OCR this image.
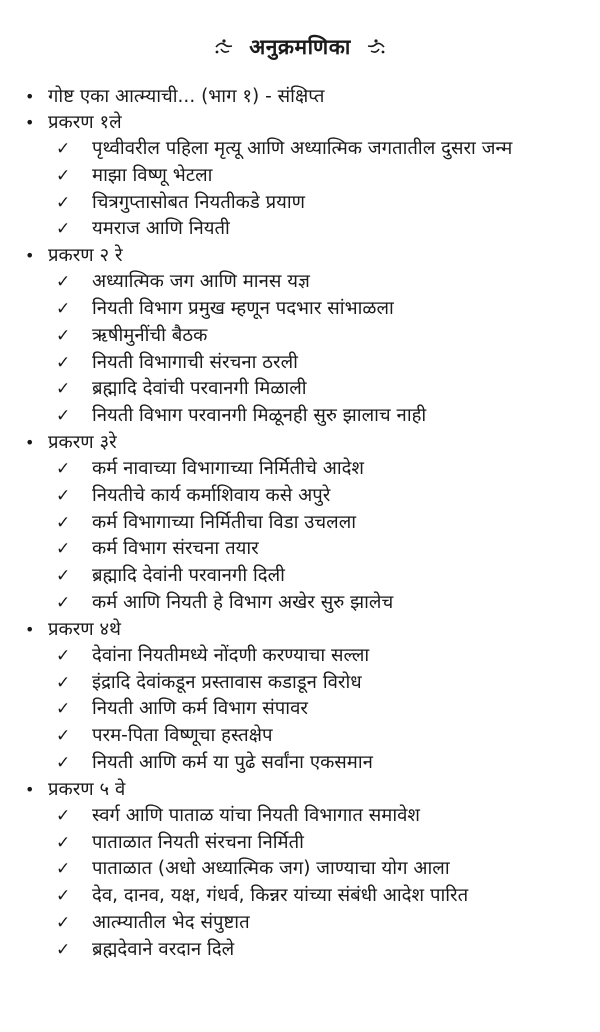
अनुक्रमणिका
• गोष्ट एका आत्म्याची... (भाग १) - संक्षिप्त
• प्रकरण १ले
✓ पृथ्वीवरील पहिला मृत्यू आणि अध्यात्मिक जगतातील दुसरा जन्म
✓ माझा विष्णू भेटला
✓ चित्रगुप्तासोबत नियतीकडे प्रयाण
✓ यमराज आणि नियती
• प्रकरण २ रे
✓ अध्यात्मिक जग आणि मानस यज्ञ
✓ नियती विभाग प्रमुख म्हणून पदभार सांभाळला
✓ ऋषीमुनींची बैठक
✓ नियती विभागाची संरचना ठरली
✓ ब्रह्मादि देवांची परवानगी मिळाली
✓ नियती विभाग परवानगी मिळूनही सुरु झालाच नाही
• प्रकरण ३रे
✓ कर्म नावाच्या विभागाच्या निर्मितीचे आदेश
✓ नियतीचे कार्य कर्माशिवाय कसे अपुरे
✓ कर्म विभागाच्या निर्मितीचा विडा उचलला
✓ कर्म विभाग संरचना तयार
✓ ब्रह्मादि देवांनी परवानगी दिली
✓ कर्म आणि नियती हे विभाग अखेर सुरु झालेच
• प्रकरण ४थे
✓ देवांना नियतीमध्ये नोंदणी करण्याचा सल्ला
✓ इंद्रादि देवांकडून प्रस्तावास कडाडून विरोध
✓ नियती आणि कर्म विभाग संपावर
✓ परम-पिता विष्णूचा हस्तक्षेप
✓ नियती आणि कर्म या पुढे सर्वांना एकसमान
• प्रकरण ५ वे
✓ स्वर्ग आणि पाताळ यांचा नियती विभागात समावेश
✓ पाताळात नियती संरचना निर्मिती
✓ पाताळात (अधो अध्यात्मिक जग) जाण्याचा योग आला
✓ देव, दानव, यक्ष, गंधर्व, किन्नर यांच्या संबंधी आदेश पारित
✓ आत्म्यातील भेद संपुष्टात
✓ ब्रह्मदेवाने वरदान दिले
